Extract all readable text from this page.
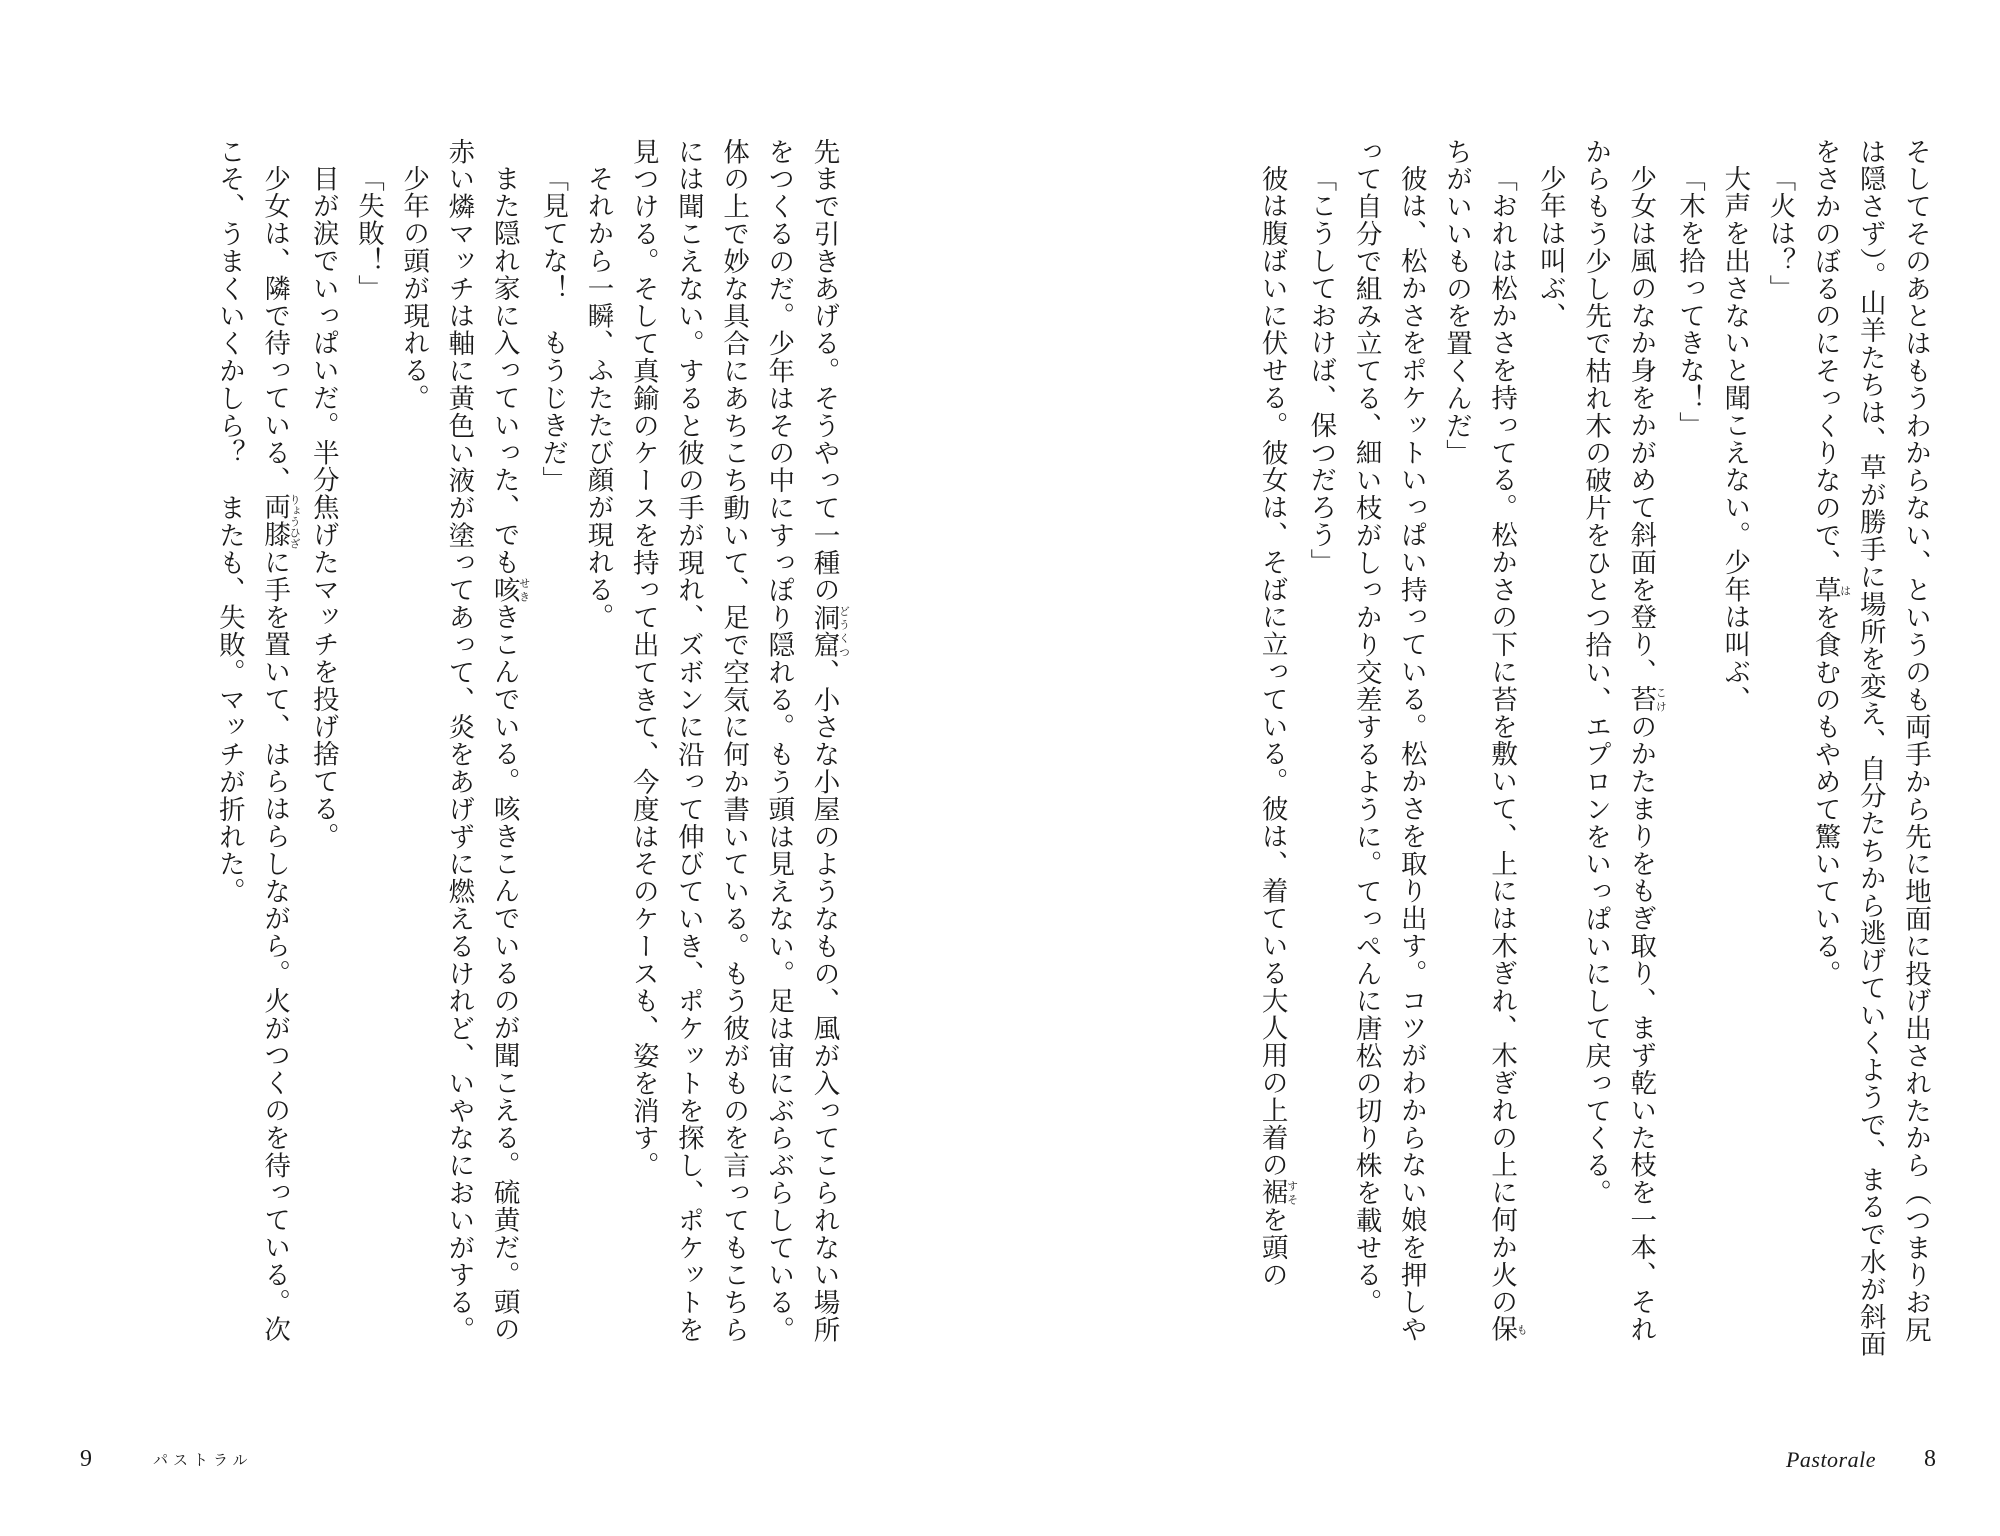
そしてそのあとはもうわからない、というのも両手から先に地面に投げ出されたから（つまりお尻は隠さず）。山羊たちは、草が勝手に場所を変え、自分たちから逃げていくようで、まるで水が斜面をさかのぼるのにそっくりなので、草はを食むのもやめて驚いている。

「火は？」

大声を出さないと聞こえない。少年は叫ぶ、

「木を拾ってきな！」

少女は風のなか身をかがめて斜面を登り、苔こけのかたまりをもぎ取り、まず乾いた枝を一本、それからもう少し先で枯れ木の破片をひとつ拾い、エプロンをいっぱいにして戻ってくる。

少年は叫ぶ、

「おれは松かさを持ってる。松かさの下に苔を敷いて、上には木ぎれ、木ぎれの上に何か火の保もちがいいものを置くんだ」

彼は、松かさをポケットいっぱい持っている。松かさを取り出す。コツがわからない娘を押しやって自分で組み立てる、細い枝がしっかり交差するように。てっぺんに唐松の切り株を載せる。

「こうしておけば、保つだろう」

彼は腹ばいに伏せる。彼女は、そばに立っている。彼は、着ている大人用の上着の裾すそを頭の

Pastorale 8

先まで引きあげる。そうやって一種の洞窟どうくつ、小さな小屋のようなもの、風が入ってこられない場所をつくるのだ。少年はその中にすっぽり隠れる。もう頭は見えない。足は宙にぶらぶらしている。体の上で妙な具合にあちこち動いて、足で空気に何か書いている。もう彼がものを言ってもこちらには聞こえない。すると彼の手が現れ、ズボンに沿って伸びていき、ポケットを探し、ポケットを見つける。そして真鍮のケースを持って出てきて、今度はそのケースも、姿を消す。

それから一瞬、ふたたび顔が現れる。

「見てな！　もうじきだ」

また隠れ家に入っていった、でも咳せききこんでいる。咳きこんでいるのが聞こえる。硫黄だ。頭の赤い燐マッチは軸に黄色い液が塗ってあって、炎をあげずに燃えるけれど、いやなにおいがする。

少年の頭が現れる。

「失敗！」

目が涙でいっぱいだ。半分焦げたマッチを投げ捨てる。

少女は、隣で待っている、両膝りょうひざに手を置いて、はらはらしながら。火がつくのを待っている。次こそ、うまくいくかしら？　またも、失敗。マッチが折れた。

9	パストラル
